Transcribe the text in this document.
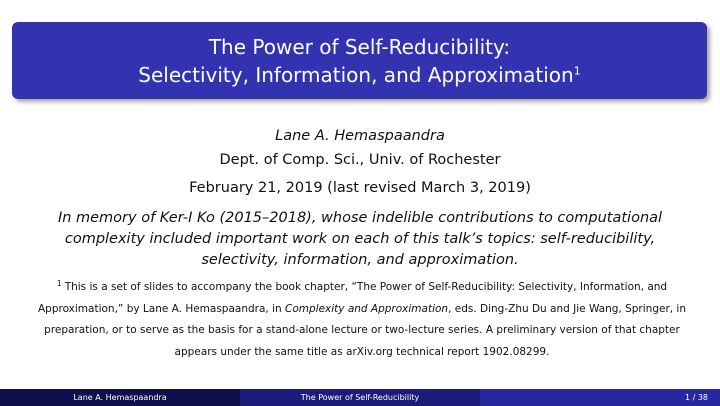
The Power of Self-Reducibility:
Selectivity, Information, and Approximation$^1$
Lane A. Hemaspaandra
Dept. of Comp. Sci., Univ. of Rochester
February 21, 2019 (last revised March 3, 2019)
In memory of Ker-I Ko (2015–2018), whose indelible contributions to computational complexity included important work on each of this talk’s topics: self-reducibility, selectivity, information, and approximation.
$^1$ This is a set of slides to accompany the book chapter, “The Power of Self-Reducibility: Selectivity, Information, and Approximation,” by Lane A. Hemaspaandra, in Complexity and Approximation, eds. Ding-Zhu Du and Jie Wang, Springer, in preparation, or to serve as the basis for a stand-alone lecture or two-lecture series. A preliminary version of that chapter appears under the same title as arXiv.org technical report 1902.08299.
Lane A. Hemaspaandra	The Power of Self-Reducibility	1 / 38
